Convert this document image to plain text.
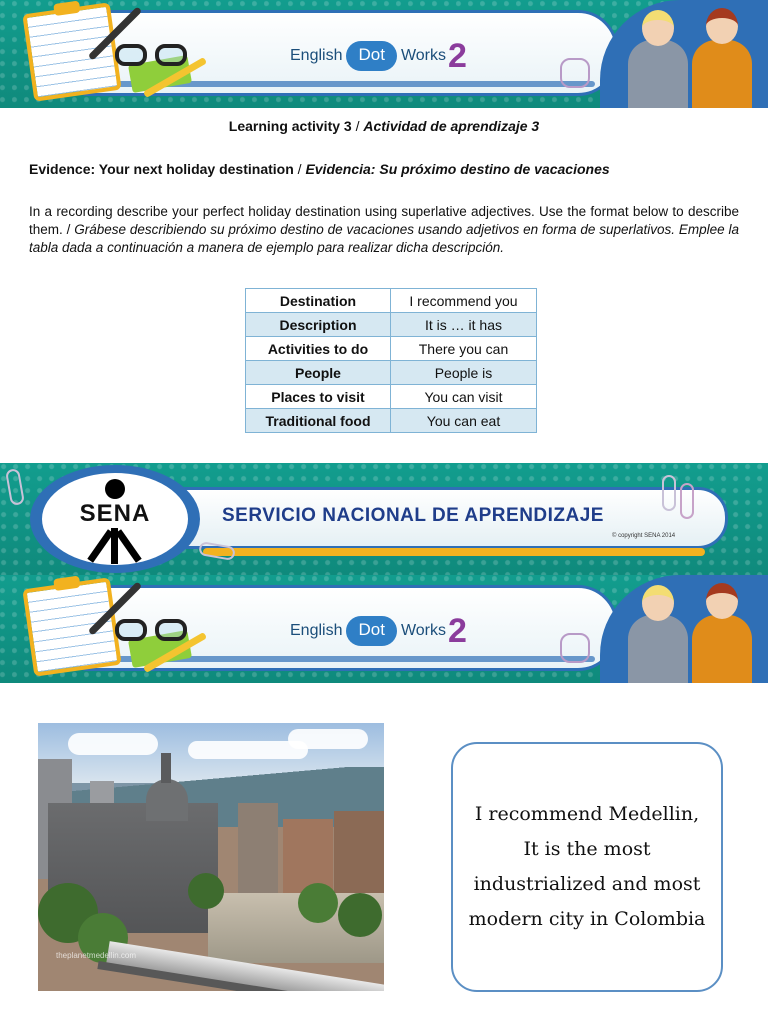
English Dot	Works 2
Learning activity 3 / Actividad de aprendizaje 3
Evidence: Your next holiday destination / Evidencia: Su próximo destino de vacaciones
In a recording describe your perfect holiday destination using superlative adjectives. Use the format below to describe them. / Grábese describiendo su próximo destino de vacaciones usando adjetivos en forma de superlativos. Emplee la tabla dada a continuación a manera de ejemplo para realizar dicha descripción.
Destination	I recommend you
Description	It is … it has
Activities to do	There you can
People	People is
Places to visit	You can visit
Traditional food	You can eat
SENA	SERVICIO NACIONAL DE APRENDIZAJE
© copyright SENA 2014
English Dot	Works 2
theplanetmedellin.com

I recommend Medellin, It is the most industrialized and most modern city in Colombia
